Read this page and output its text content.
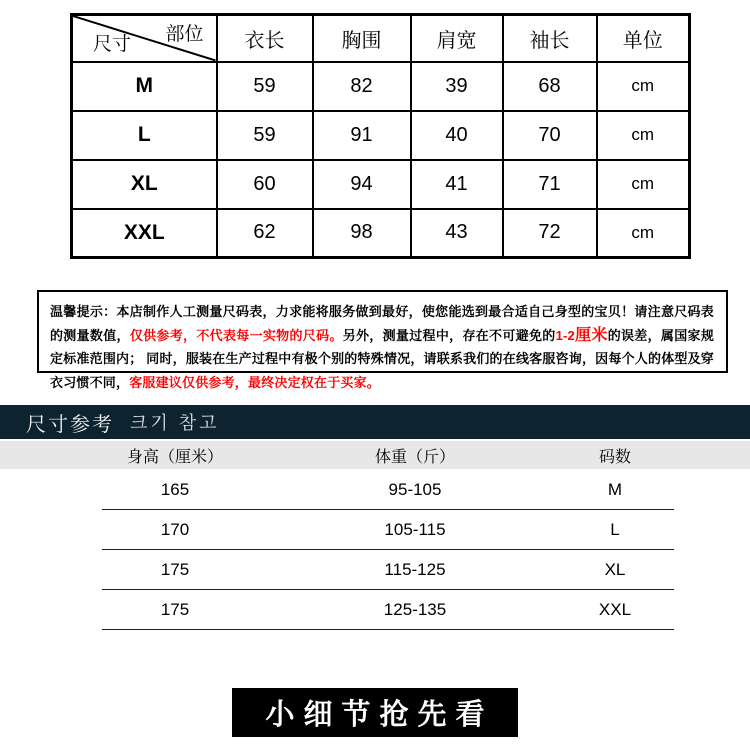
部位
尺寸	衣长	胸围	肩宽	袖长	单位
M	59	82	39	68	cm
L	59	91	40	70	cm
XL	60	94	41	71	cm
XXL	62	98	43	72	cm
温馨提示：本店制作人工测量尺码表，力求能将服务做到最好，使您能选到最合适自己身型的宝贝！请注意尺码表的测量数值，仅供参考，不代表每一实物的尺码。另外，测量过程中，存在不可避免的1-2厘米的误差，属国家规定标准范围内； 同时，服装在生产过程中有极个别的特殊情况，请联系我们的在线客服咨询，因每个人的体型及穿衣习惯不同，客服建议仅供参考，最终决定权在于买家。
尺寸参考 크기 참고
身高（厘米）	体重（斤）	码数
165	95-105	M
170	105-115	L
175	115-125	XL
175	125-135	XXL
小细节抢先看
